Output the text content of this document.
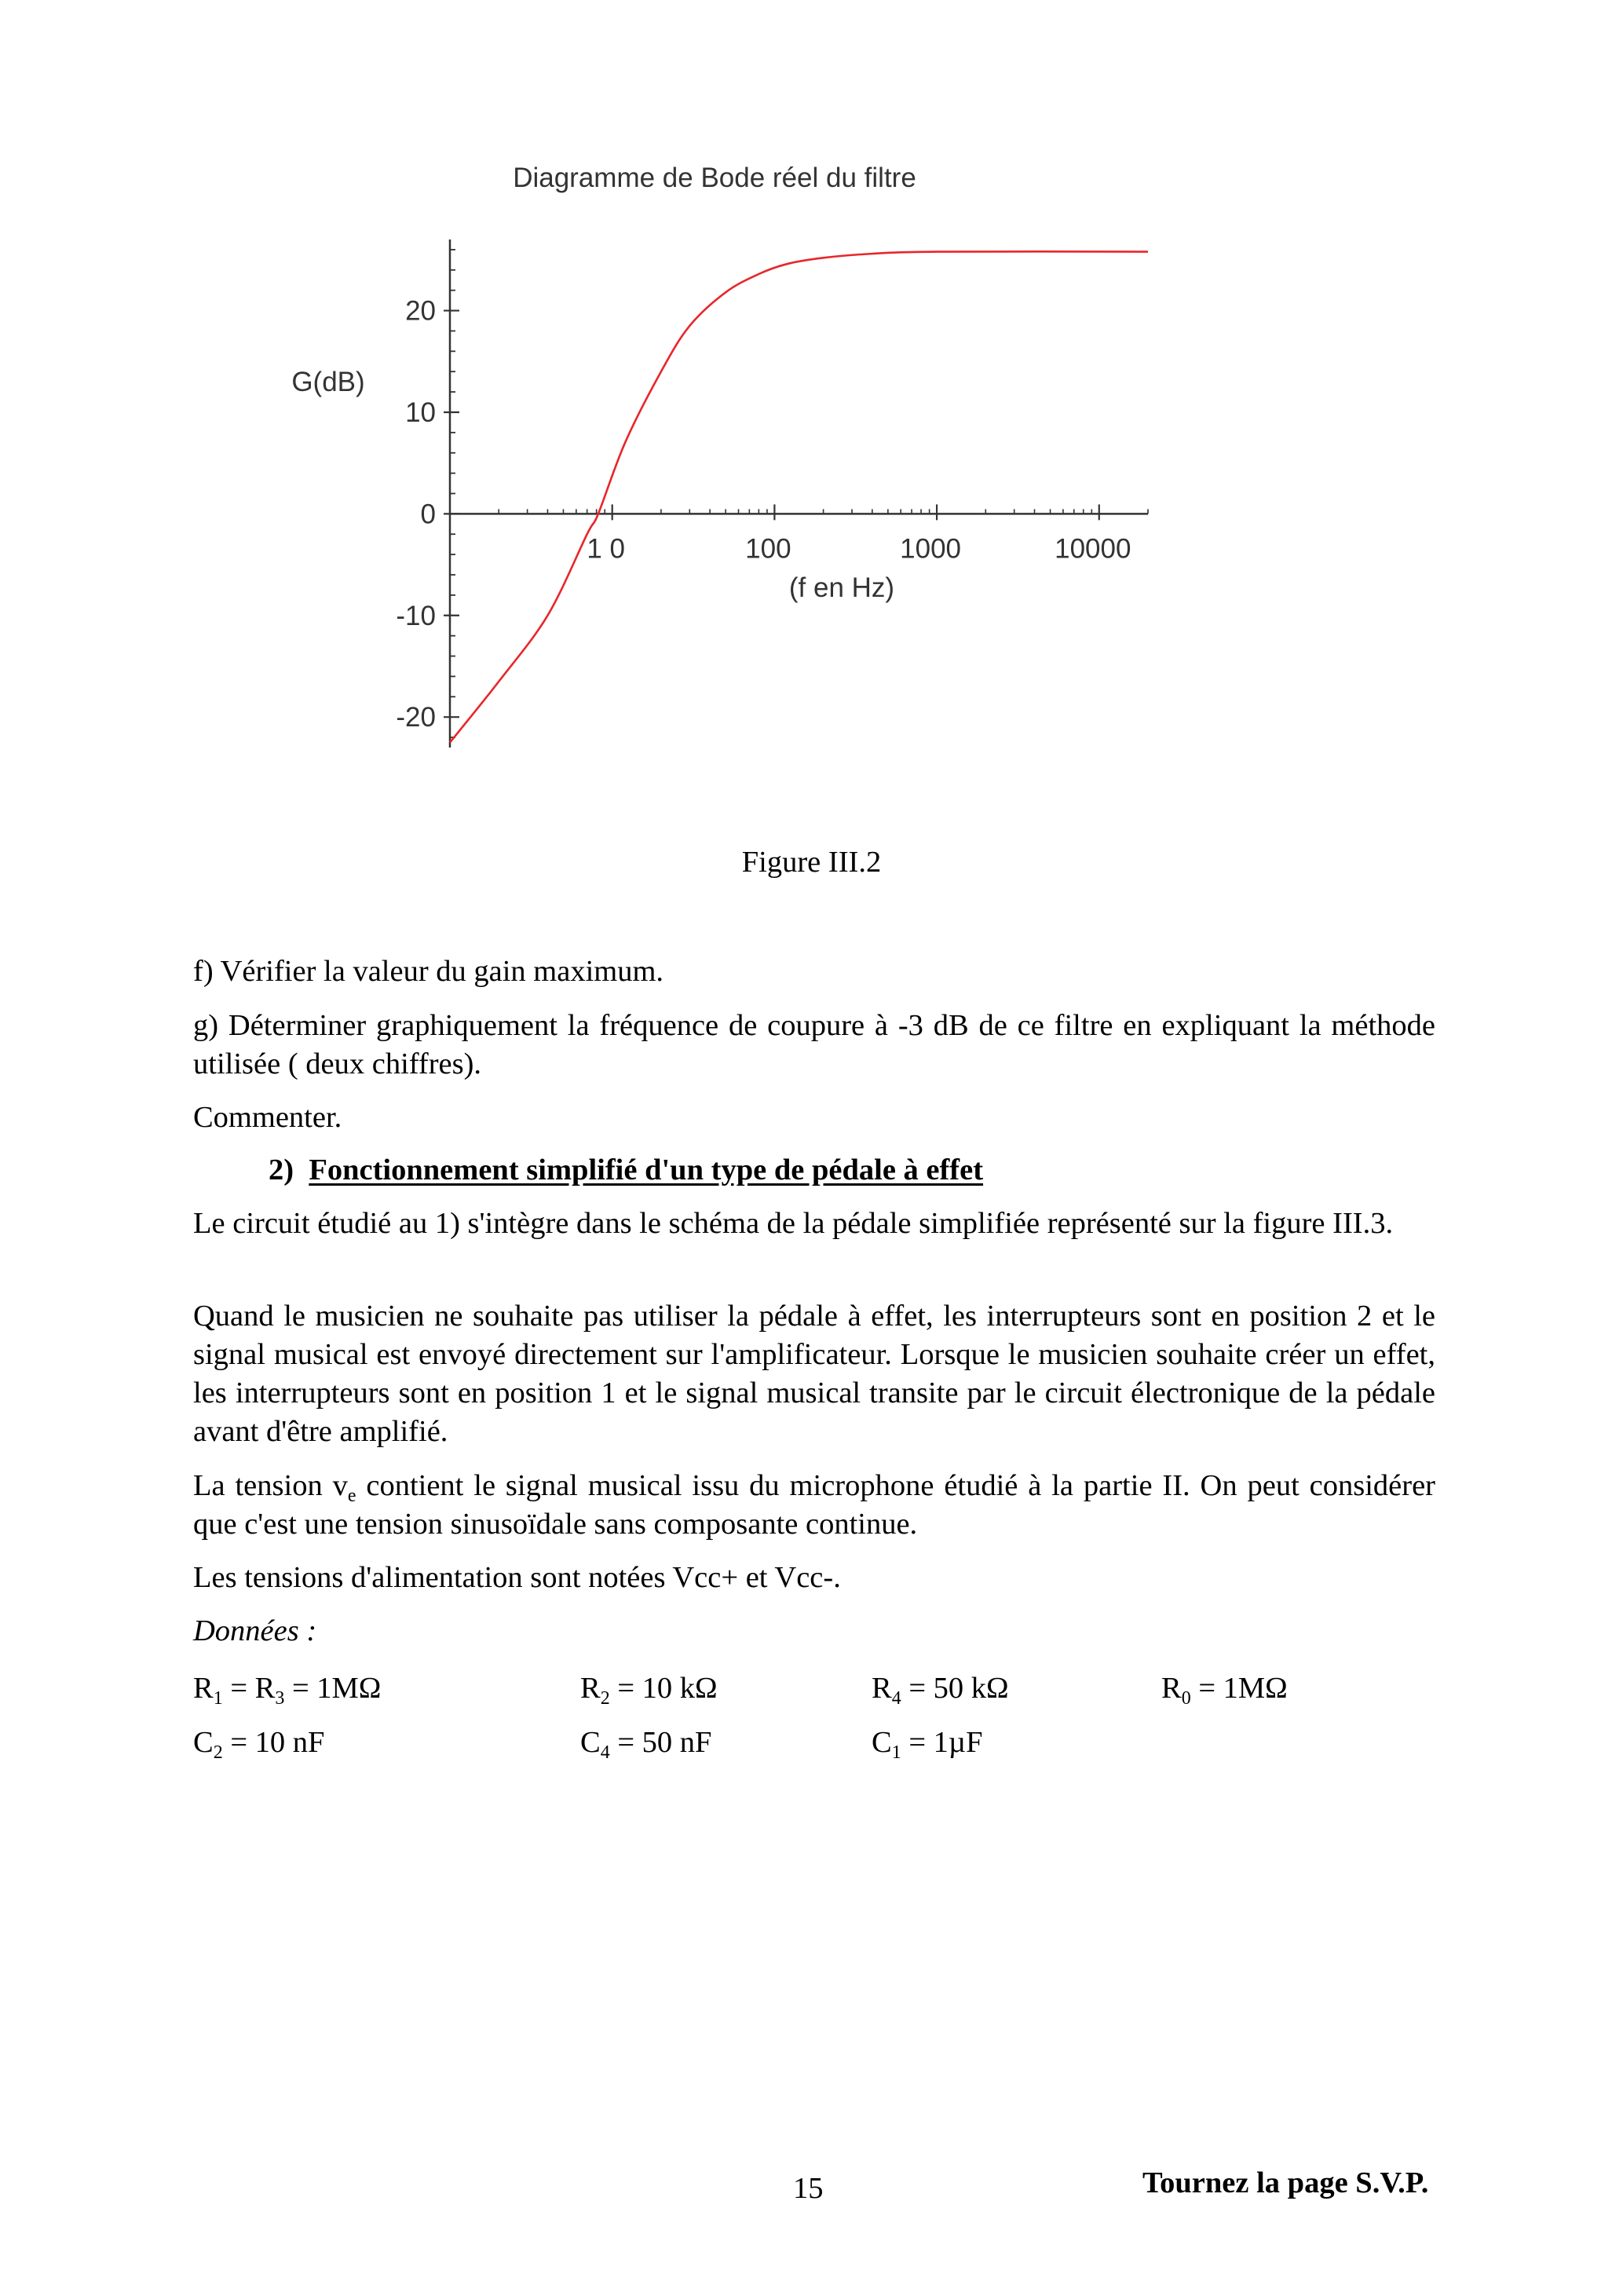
Diagramme de Bode réel du filtre
G(dB)
(f en Hz)
-20
-10
0
10
20
1 0	100	1000	10000
Figure III.2
f) Vérifier la valeur du gain maximum.
g) Déterminer graphiquement la fréquence de coupure à -3 dB de ce filtre en expliquant la méthode utilisée ( deux chiffres).
Commenter.
2) Fonctionnement simplifié d'un type de pédale à effet
Le circuit étudié au 1) s'intègre dans le schéma de la pédale simplifiée représenté sur la figure III.3.
Quand le musicien ne souhaite pas utiliser la pédale à effet, les interrupteurs sont en position 2 et le signal musical est envoyé directement sur l'amplificateur. Lorsque le musicien souhaite créer un effet, les interrupteurs sont en position 1 et le signal musical transite par le circuit électronique de la pédale avant d'être amplifié.
La tension $v_e$ contient le signal musical issu du microphone étudié à la partie II. On peut considérer que c'est une tension sinusoïdale sans composante continue.
Les tensions d'alimentation sont notées Vcc+ et Vcc-.
Données :
$R_1 = R_3 = 1M\Omega$	$R_2 = 10$ kΩ	$R_4 = 50$ kΩ	$R_0 = 1M\Omega$
$C_2 = 10$ nF	$C_4 = 50$ nF	$C_1 = 1\mu F$
15	Tournez la page S.V.P.
